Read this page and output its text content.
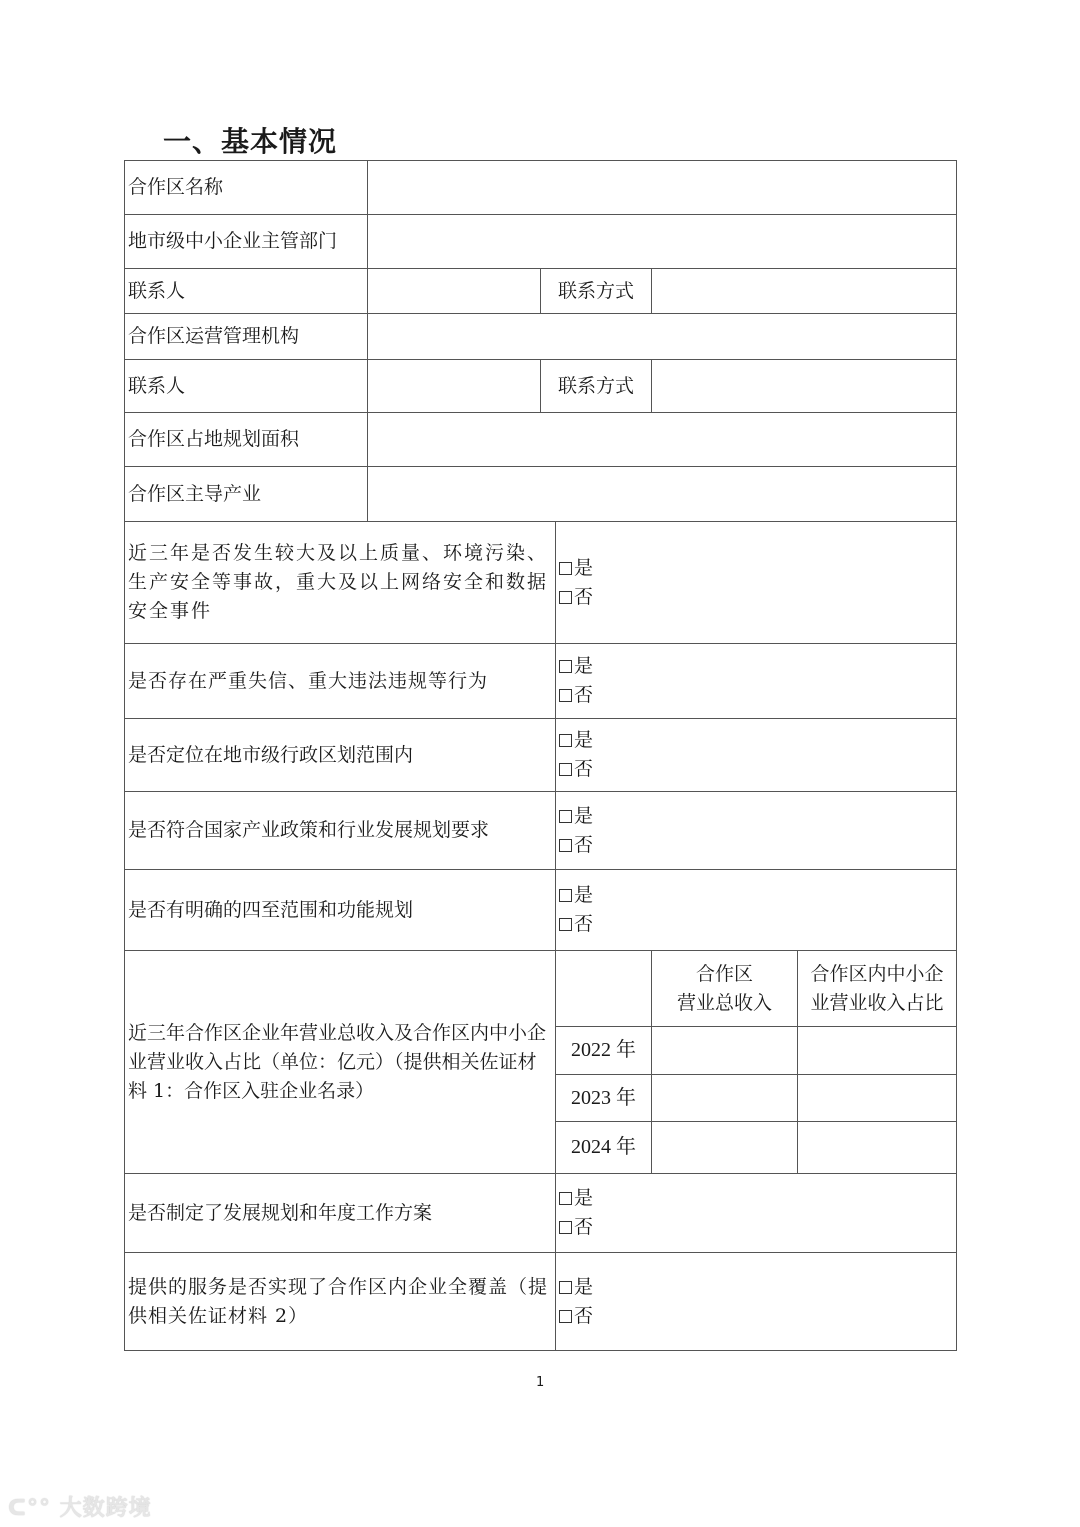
一、基本情况
合作区名称
地市级中小企业主管部门
联系人	联系方式
合作区运营管理机构
联系人	联系方式
合作区占地规划面积
合作区主导产业
近三年是否发生较大及以上质量、环境污染、生产安全等事故，重大及以上网络安全和数据安全事件
是
否
是否存在严重失信、重大违法违规等行为
是
否
是否定位在地市级行政区划范围内
是
否
是否符合国家产业政策和行业发展规划要求
是
否
是否有明确的四至范围和功能规划
是
否
近三年合作区企业年营业总收入及合作区内中小企业营业收入占比（单位：亿元）（提供相关佐证材料 1：合作区入驻企业名录）
合作区
营业总收入
合作区内中小企
业营业收入占比
2022 年
2023 年
2024 年
是否制定了发展规划和年度工作方案
是
否
提供的服务是否实现了合作区内企业全覆盖（提供相关佐证材料 2）
是
否
1
ᑕ°° 大数跨境
